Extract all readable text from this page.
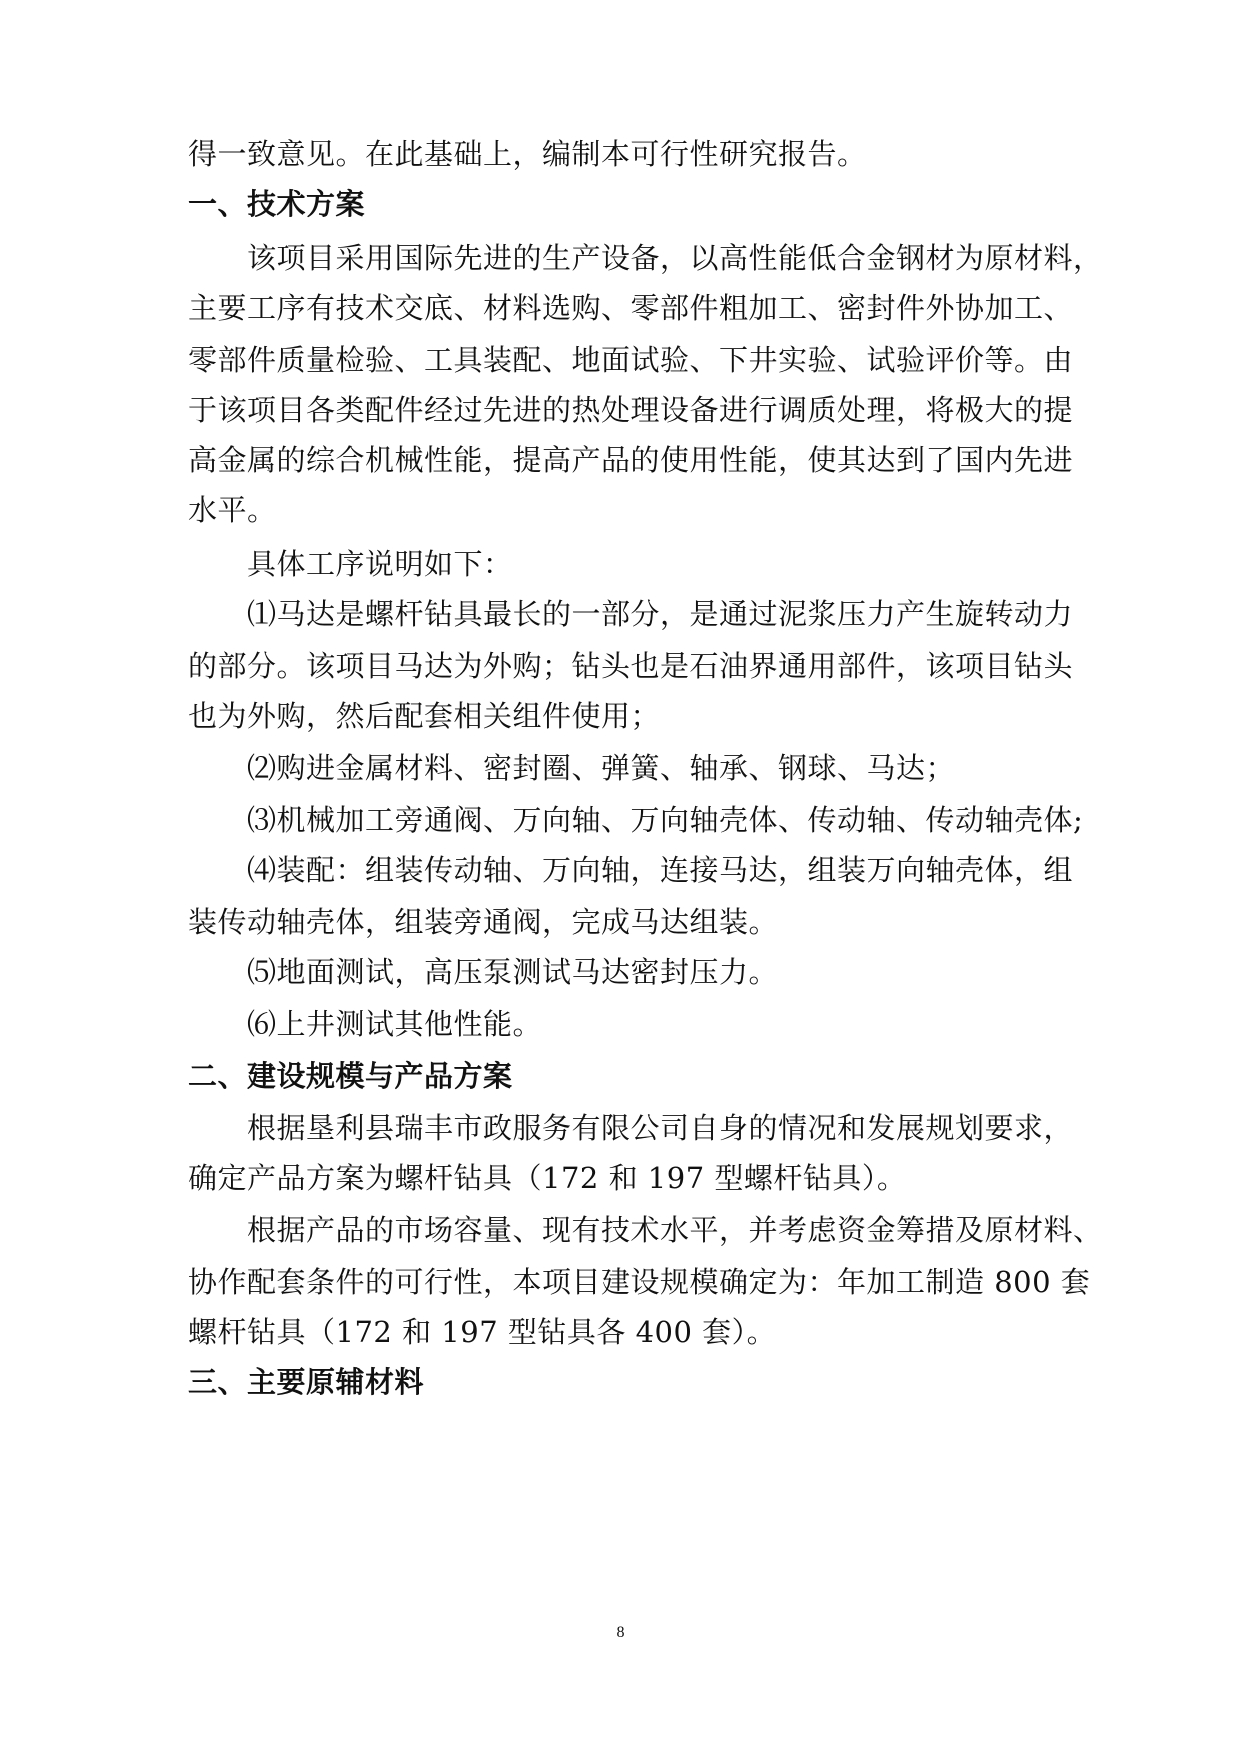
得一致意见。在此基础上，编制本可行性研究报告。
一、技术方案
该项目采用国际先进的生产设备，以高性能低合金钢材为原材料，
主要工序有技术交底、材料选购、零部件粗加工、密封件外协加工、
零部件质量检验、工具装配、地面试验、下井实验、试验评价等。由
于该项目各类配件经过先进的热处理设备进行调质处理，将极大的提
高金属的综合机械性能，提高产品的使用性能，使其达到了国内先进
水平。
具体工序说明如下：
⑴马达是螺杆钻具最长的一部分，是通过泥浆压力产生旋转动力
的部分。该项目马达为外购；钻头也是石油界通用部件，该项目钻头
也为外购，然后配套相关组件使用；
⑵购进金属材料、密封圈、弹簧、轴承、钢球、马达；
⑶机械加工旁通阀、万向轴、万向轴壳体、传动轴、传动轴壳体;
⑷装配：组装传动轴、万向轴，连接马达，组装万向轴壳体，组
装传动轴壳体，组装旁通阀，完成马达组装。
⑸地面测试，高压泵测试马达密封压力。
⑹上井测试其他性能。
二、建设规模与产品方案
根据垦利县瑞丰市政服务有限公司自身的情况和发展规划要求，
确定产品方案为螺杆钻具（172 和 197 型螺杆钻具）。
根据产品的市场容量、现有技术水平，并考虑资金筹措及原材料、
协作配套条件的可行性，本项目建设规模确定为：年加工制造 800 套
螺杆钻具（172 和 197 型钻具各 400 套）。
三、主要原辅材料
8
